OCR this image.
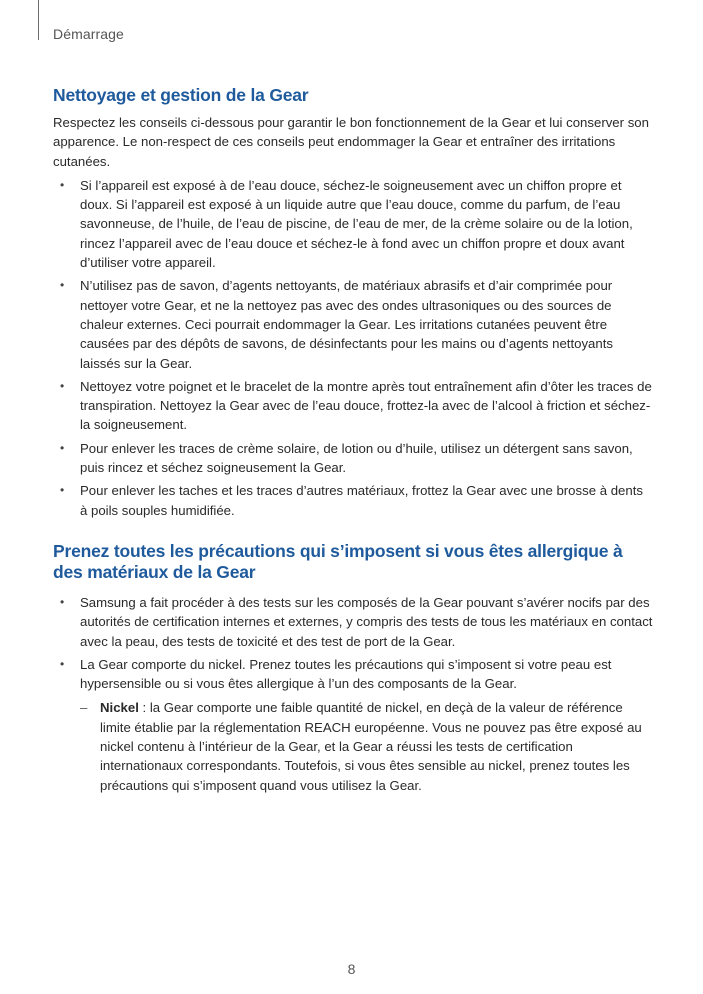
Démarrage
Nettoyage et gestion de la Gear

Respectez les conseils ci-dessous pour garantir le bon fonctionnement de la Gear et lui conserver son apparence. Le non-respect de ces conseils peut endommager la Gear et entraîner des irritations cutanées.

• Si l’appareil est exposé à de l’eau douce, séchez-le soigneusement avec un chiffon propre et doux. Si l’appareil est exposé à un liquide autre que l’eau douce, comme du parfum, de l’eau savonneuse, de l’huile, de l’eau de piscine, de l’eau de mer, de la crème solaire ou de la lotion, rincez l’appareil avec de l’eau douce et séchez-le à fond avec un chiffon propre et doux avant d’utiliser votre appareil.
• N’utilisez pas de savon, d’agents nettoyants, de matériaux abrasifs et d’air comprimée pour nettoyer votre Gear, et ne la nettoyez pas avec des ondes ultrasoniques ou des sources de chaleur externes. Ceci pourrait endommager la Gear. Les irritations cutanées peuvent être causées par des dépôts de savons, de désinfectants pour les mains ou d’agents nettoyants laissés sur la Gear.
• Nettoyez votre poignet et le bracelet de la montre après tout entraînement afin d’ôter les traces de transpiration. Nettoyez la Gear avec de l’eau douce, frottez-la avec de l’alcool à friction et séchez-la soigneusement.
• Pour enlever les traces de crème solaire, de lotion ou d’huile, utilisez un détergent sans savon, puis rincez et séchez soigneusement la Gear.
• Pour enlever les taches et les traces d’autres matériaux, frottez la Gear avec une brosse à dents à poils souples humidifiée.
Prenez toutes les précautions qui s’imposent si vous êtes allergique à des matériaux de la Gear
• Samsung a fait procéder à des tests sur les composés de la Gear pouvant s’avérer nocifs par des autorités de certification internes et externes, y compris des tests de tous les matériaux en contact avec la peau, des tests de toxicité et des test de port de la Gear.
• La Gear comporte du nickel. Prenez toutes les précautions qui s’imposent si votre peau est hypersensible ou si vous êtes allergique à l’un des composants de la Gear.
– Nickel : la Gear comporte une faible quantité de nickel, en deçà de la valeur de référence limite établie par la réglementation REACH européenne. Vous ne pouvez pas être exposé au nickel contenu à l’intérieur de la Gear, et la Gear a réussi les tests de certification internationaux correspondants. Toutefois, si vous êtes sensible au nickel, prenez toutes les précautions qui s’imposent quand vous utilisez la Gear.
8
